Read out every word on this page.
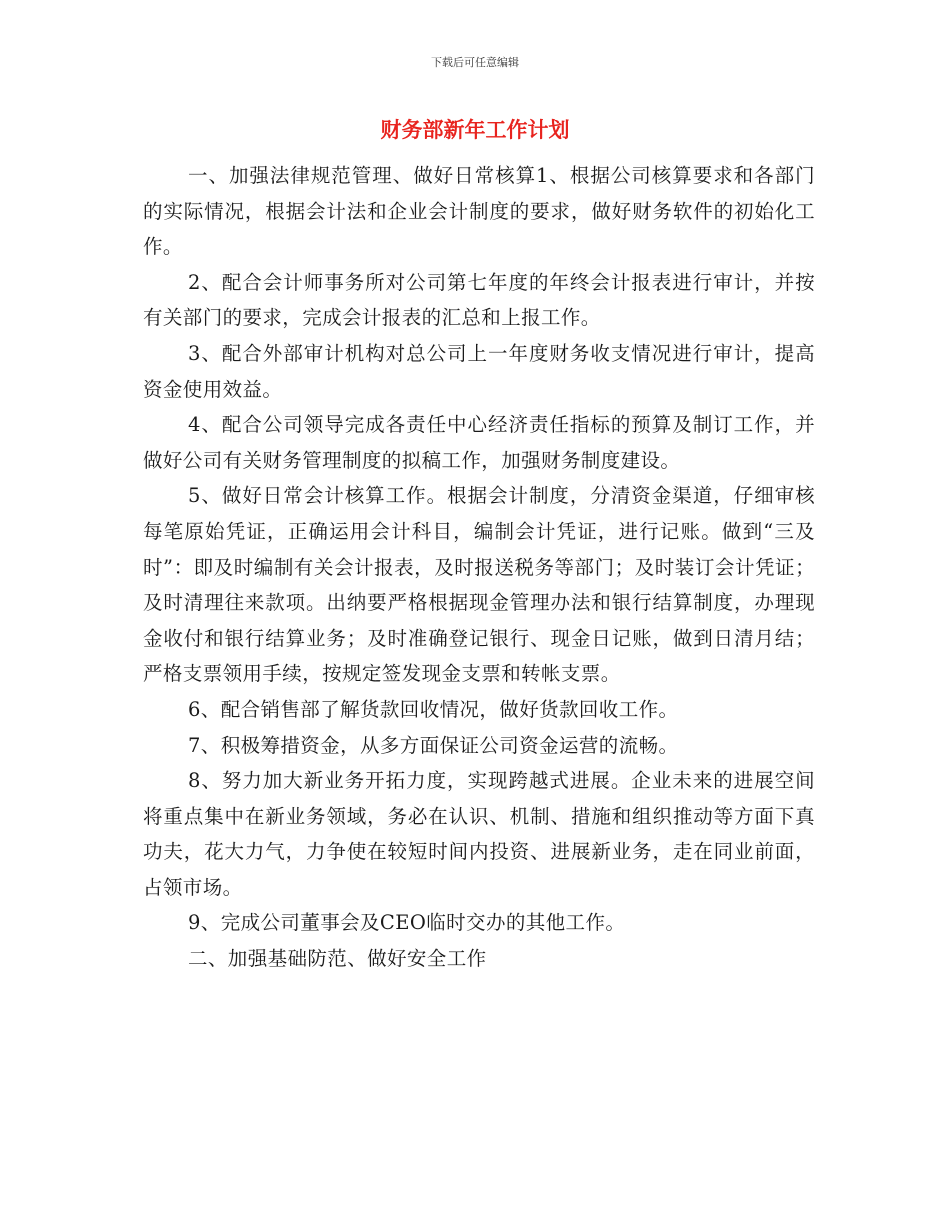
下载后可任意编辑
财务部新年工作计划

一、加强法律规范管理、做好日常核算1、根据公司核算要求和各部门的实际情况，根据会计法和企业会计制度的要求，做好财务软件的初始化工作。

2、配合会计师事务所对公司第七年度的年终会计报表进行审计，并按有关部门的要求，完成会计报表的汇总和上报工作。

3、配合外部审计机构对总公司上一年度财务收支情况进行审计，提高资金使用效益。

4、配合公司领导完成各责任中心经济责任指标的预算及制订工作，并做好公司有关财务管理制度的拟稿工作，加强财务制度建设。

5、做好日常会计核算工作。根据会计制度，分清资金渠道，仔细审核每笔原始凭证，正确运用会计科目，编制会计凭证，进行记账。做到“三及时”：即及时编制有关会计报表，及时报送税务等部门；及时装订会计凭证；及时清理往来款项。出纳要严格根据现金管理办法和银行结算制度，办理现金收付和银行结算业务；及时准确登记银行、现金日记账，做到日清月结；严格支票领用手续，按规定签发现金支票和转帐支票。

6、配合销售部了解货款回收情况，做好货款回收工作。

7、积极筹措资金，从多方面保证公司资金运营的流畅。

8、努力加大新业务开拓力度，实现跨越式进展。企业未来的进展空间将重点集中在新业务领域，务必在认识、机制、措施和组织推动等方面下真功夫，花大力气，力争使在较短时间内投资、进展新业务，走在同业前面，占领市场。

9、完成公司董事会及CEO临时交办的其他工作。

二、加强基础防范、做好安全工作
